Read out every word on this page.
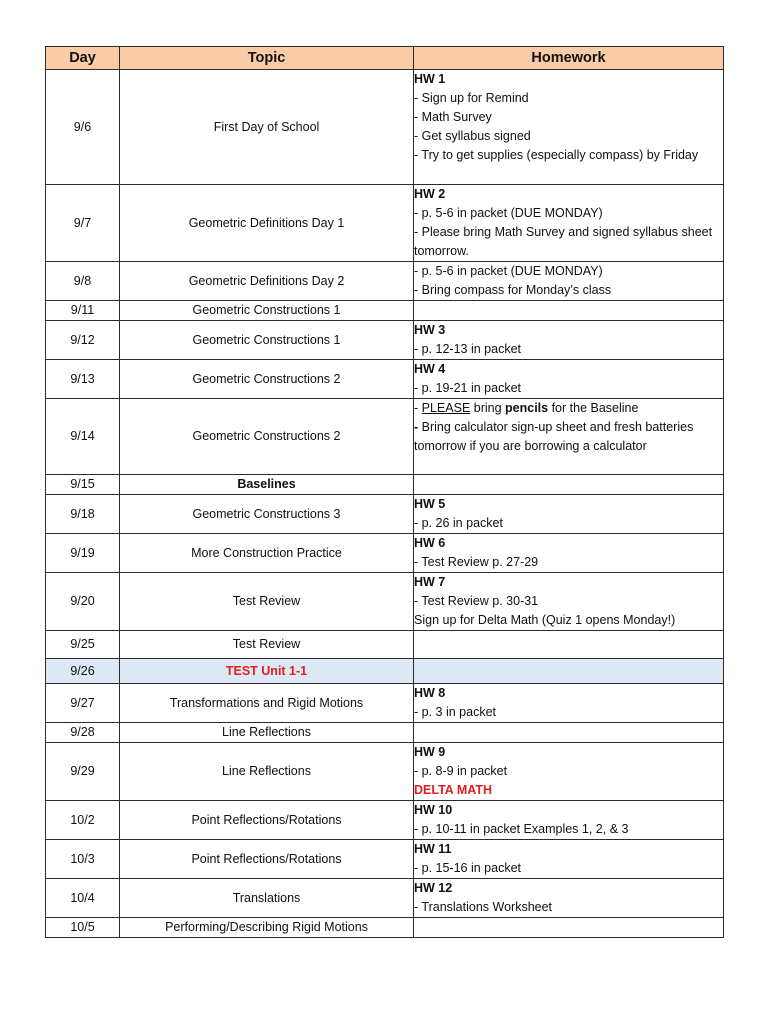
Day	Topic	Homework

9/6	First Day of School	HW 1
- Sign up for Remind
- Math Survey
- Get syllabus signed
- Try to get supplies (especially compass) by Friday

9/7	Geometric Definitions Day 1	HW 2
- p. 5-6 in packet (DUE MONDAY)
- Please bring Math Survey and signed syllabus sheet tomorrow.

9/8	Geometric Definitions Day 2	- p. 5-6 in packet (DUE MONDAY)
- Bring compass for Monday’s class

9/11	Geometric Constructions 1	

9/12	Geometric Constructions 1	HW 3
- p. 12-13 in packet

9/13	Geometric Constructions 2	HW 4
- p. 19-21 in packet

9/14	Geometric Constructions 2	- PLEASE bring pencils for the Baseline
- Bring calculator sign-up sheet and fresh batteries tomorrow if you are borrowing a calculator

9/15	Baselines	

9/18	Geometric Constructions 3	HW 5
- p. 26 in packet

9/19	More Construction Practice	HW 6
- Test Review p. 27-29

9/20	Test Review	HW 7
- Test Review p. 30-31
Sign up for Delta Math (Quiz 1 opens Monday!)

9/25	Test Review	

9/26	TEST Unit 1-1	

9/27	Transformations and Rigid Motions	HW 8
- p. 3 in packet

9/28	Line Reflections	

9/29	Line Reflections	HW 9
- p. 8-9 in packet
DELTA MATH

10/2	Point Reflections/Rotations	HW 10
- p. 10-11 in packet Examples 1, 2, & 3

10/3	Point Reflections/Rotations	HW 11
- p. 15-16 in packet

10/4	Translations	HW 12
- Translations Worksheet

10/5	Performing/Describing Rigid Motions	
